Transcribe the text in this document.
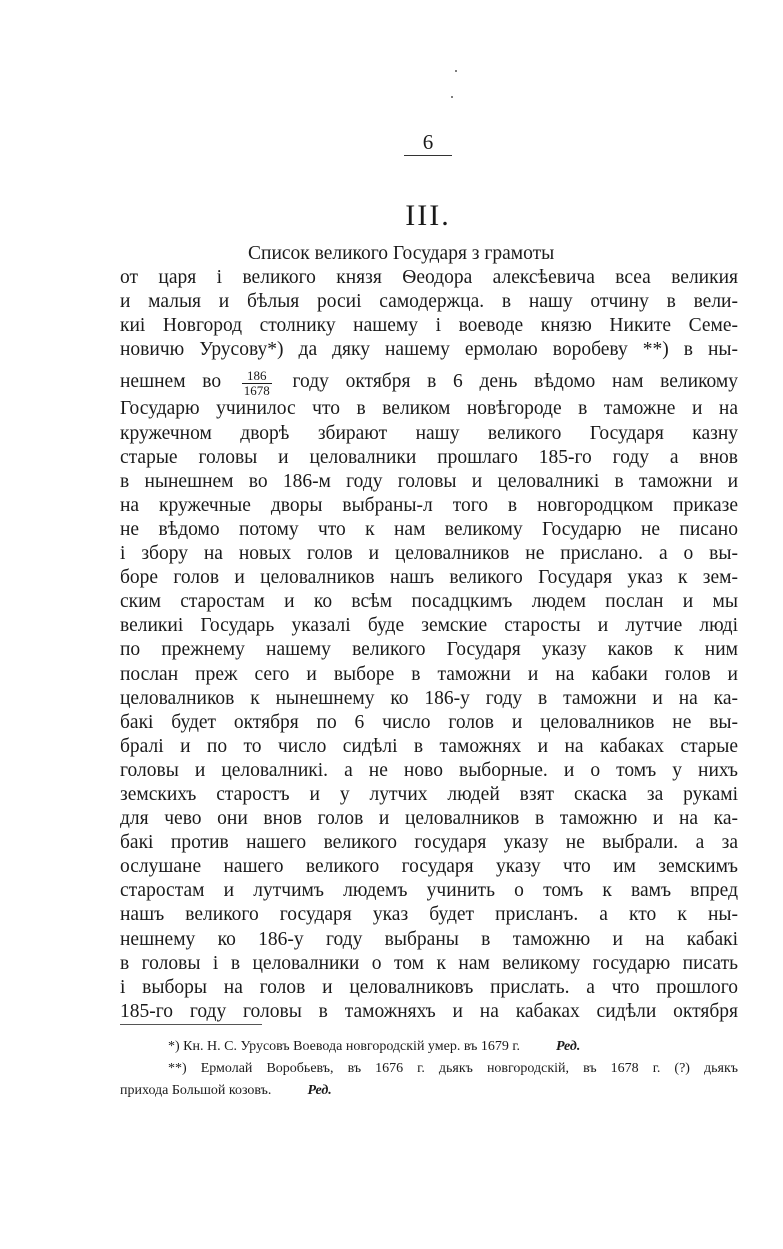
6
III.
Список великого Государя з грамоты
от царя і великого князя Ѳеодора алексѣевича всеа великия
и малыя и бѣлыя росиі самодержца. в нашу отчину в вели-
киі Новгород столнику нашему і воеводе князю Никите Семе-
новичю Урусову*) да дяку нашему ермолаю воробеву **) в ны-
нешнем во $\frac{186}{1678}$ году октября в 6 день вѣдомо нам великому
Государю учинилос что в великом новѣгороде в таможне и на
кружечном дворѣ збирают нашу великого Государя казну
старые головы и целовалники прошлаго 185-го году а внов
в нынешнем во 186-м году головы и целовалникі в таможни и
на кружечные дворы выбраны-л того в новгородцком приказе
не вѣдомо потому что к нам великому Государю не писано
і збору на новых голов и целовалников не прислано. а о вы-
боре голов и целовалников нашъ великого Государя указ к зем-
ским старостам и ко всѣм посадцкимъ людем послан и мы
великиі Государь указалі буде земские старосты и лутчие люді
по прежнему нашему великого Государя указу каков к ним
послан преж сего и выборе в таможни и на кабаки голов и
целовалников к нынешнему ко 186-у году в таможни и на ка-
бакі будет октября по 6 число голов и целовалников не вы-
бралі и по то число сидѣлі в таможнях и на кабаках старые
головы и целовалникі. а не ново выборные. и о томъ у нихъ
земскихъ старостъ и у лутчих людей взят скаска за рукамі
для чево они внов голов и целовалников в таможню и на ка-
бакі против нашего великого государя указу не выбрали. а за
ослушане нашего великого государя указу что им земскимъ
старостам и лутчимъ людемъ учинить о томъ к вамъ впред
нашъ великого государя указ будет присланъ. а кто к ны-
нешнему ко 186-у году выбраны в таможню и на кабакі
в головы і в целовалники о том к нам великому государю писать
і выборы на голов и целовалниковъ прислать. а что прошлого
185-го году головы в таможняхъ и на кабаках сидѣли октября
*) Кн. Н. С. Урусовъ Воевода новгородскій умер. въ 1679 г.	Ред.
**) Ермолай Воробьевъ, въ 1676 г. дьякъ новгородскій, въ 1678 г. (?) дьякъ
прихода Большой козовъ.	Ред.
